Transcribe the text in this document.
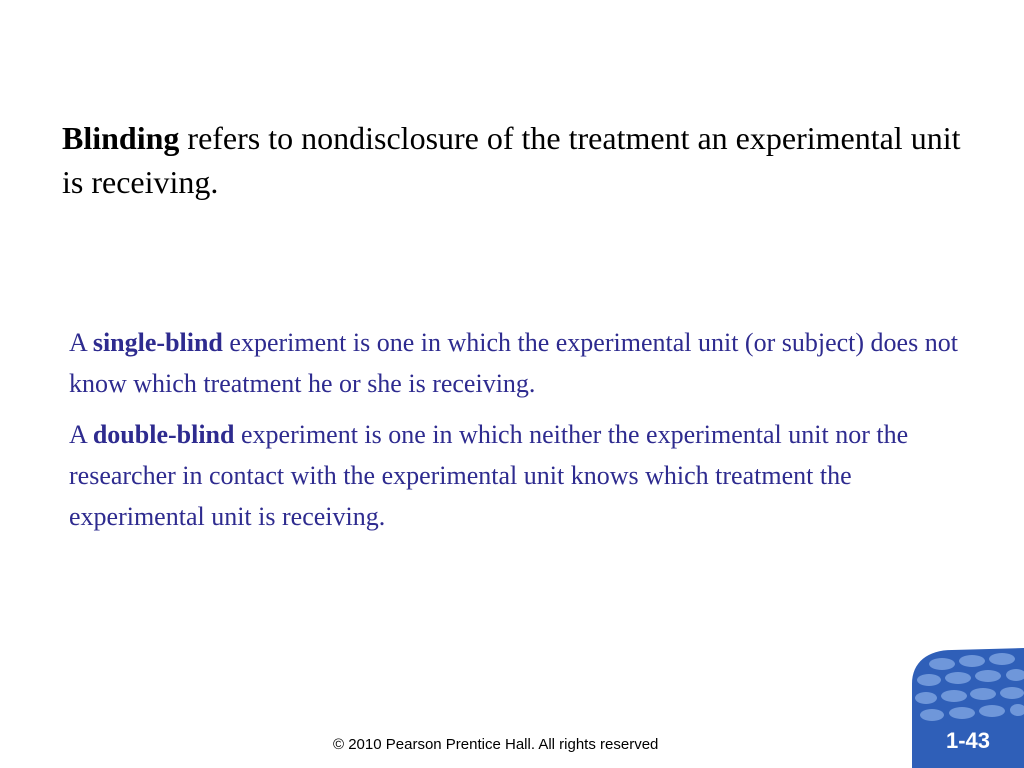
Blinding refers to nondisclosure of the treatment an experimental unit is receiving.

A single-blind experiment is one in which the experimental unit (or subject) does not know which treatment he or she is receiving.

A double-blind experiment is one in which neither the experimental unit nor the researcher in contact with the experimental unit knows which treatment the experimental unit is receiving.

© 2010 Pearson Prentice Hall. All rights reserved	1-43
